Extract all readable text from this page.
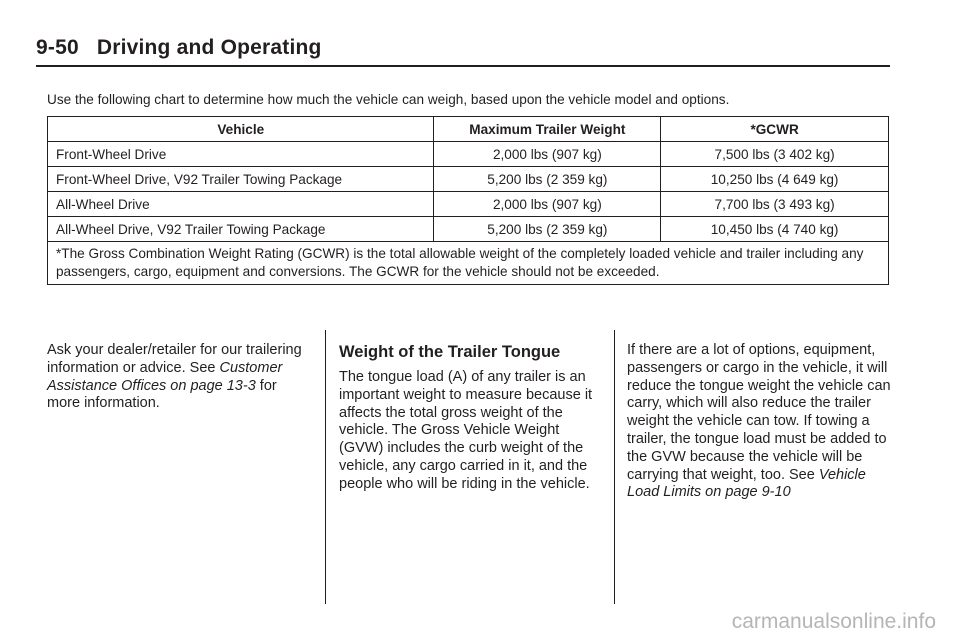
9-50 Driving and Operating
Use the following chart to determine how much the vehicle can weigh, based upon the vehicle model and options.
Vehicle	Maximum Trailer Weight	*GCWR
Front-Wheel Drive	2,000 lbs (907 kg)	7,500 lbs (3 402 kg)
Front-Wheel Drive, V92 Trailer Towing Package	5,200 lbs (2 359 kg)	10,250 lbs (4 649 kg)
All-Wheel Drive	2,000 lbs (907 kg)	7,700 lbs (3 493 kg)
All-Wheel Drive, V92 Trailer Towing Package	5,200 lbs (2 359 kg)	10,450 lbs (4 740 kg)
*The Gross Combination Weight Rating (GCWR) is the total allowable weight of the completely loaded vehicle and trailer including any passengers, cargo, equipment and conversions. The GCWR for the vehicle should not be exceeded.		
Ask your dealer/retailer for our trailering information or advice. See Customer Assistance Offices on page 13-3 for more information.
Weight of the Trailer Tongue
The tongue load (A) of any trailer is an important weight to measure because it affects the total gross weight of the vehicle. The Gross Vehicle Weight (GVW) includes the curb weight of the vehicle, any cargo carried in it, and the people who will be riding in the vehicle.
If there are a lot of options, equipment, passengers or cargo in the vehicle, it will reduce the tongue weight the vehicle can carry, which will also reduce the trailer weight the vehicle can tow. If towing a trailer, the tongue load must be added to the GVW because the vehicle will be carrying that weight, too. See Vehicle Load Limits on page 9-10
carmanualsonline.info
